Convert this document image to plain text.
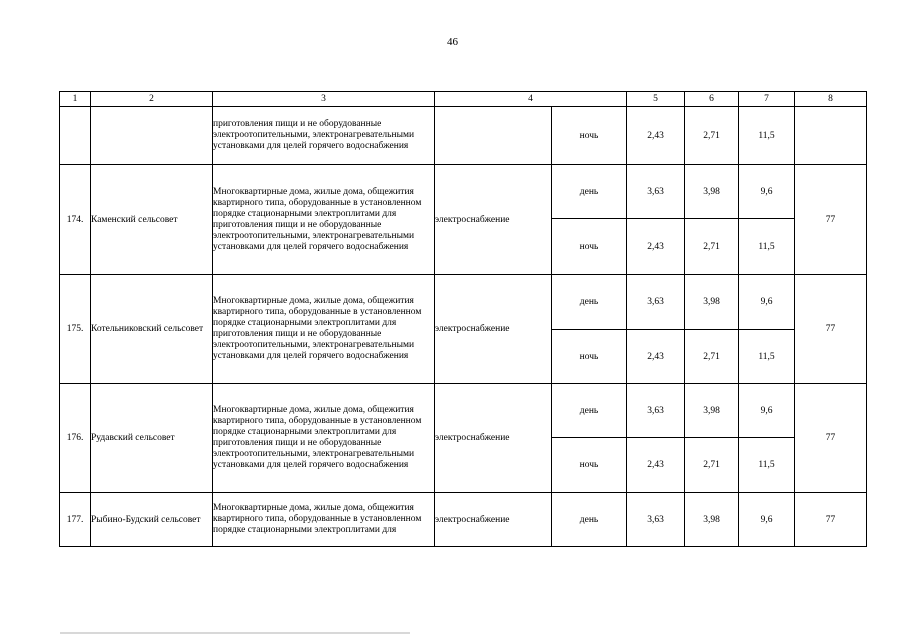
46
1	2	3	4		5	6	7	8
		приготовления пищи и не оборудованные электроотопительными, электронагревательными установками для целей горячего водоснабжения		ночь	2,43	2,71	11,5	
174.	Каменский сельсовет	Многоквартирные дома, жилые дома, общежития квартирного типа, оборудованные в установленном порядке стационарными электроплитами для приготовления пищи и не оборудованные электроотопительными, электронагревательными установками для целей горячего водоснабжения	электроснабжение	день	3,63	3,98	9,6	77
				ночь	2,43	2,71	11,5	
175.	Котельниковский сельсовет	Многоквартирные дома, жилые дома, общежития квартирного типа, оборудованные в установленном порядке стационарными электроплитами для приготовления пищи и не оборудованные электроотопительными, электронагревательными установками для целей горячего водоснабжения	электроснабжение	день	3,63	3,98	9,6	77
				ночь	2,43	2,71	11,5	
176.	Рудавский сельсовет	Многоквартирные дома, жилые дома, общежития квартирного типа, оборудованные в установленном порядке стационарными электроплитами для приготовления пищи и не оборудованные электроотопительными, электронагревательными установками для целей горячего водоснабжения	электроснабжение	день	3,63	3,98	9,6	77
				ночь	2,43	2,71	11,5	
177.	Рыбино-Будский сельсовет	Многоквартирные дома, жилые дома, общежития квартирного типа, оборудованные в установленном порядке стационарными электроплитами для	электроснабжение	день	3,63	3,98	9,6	77
